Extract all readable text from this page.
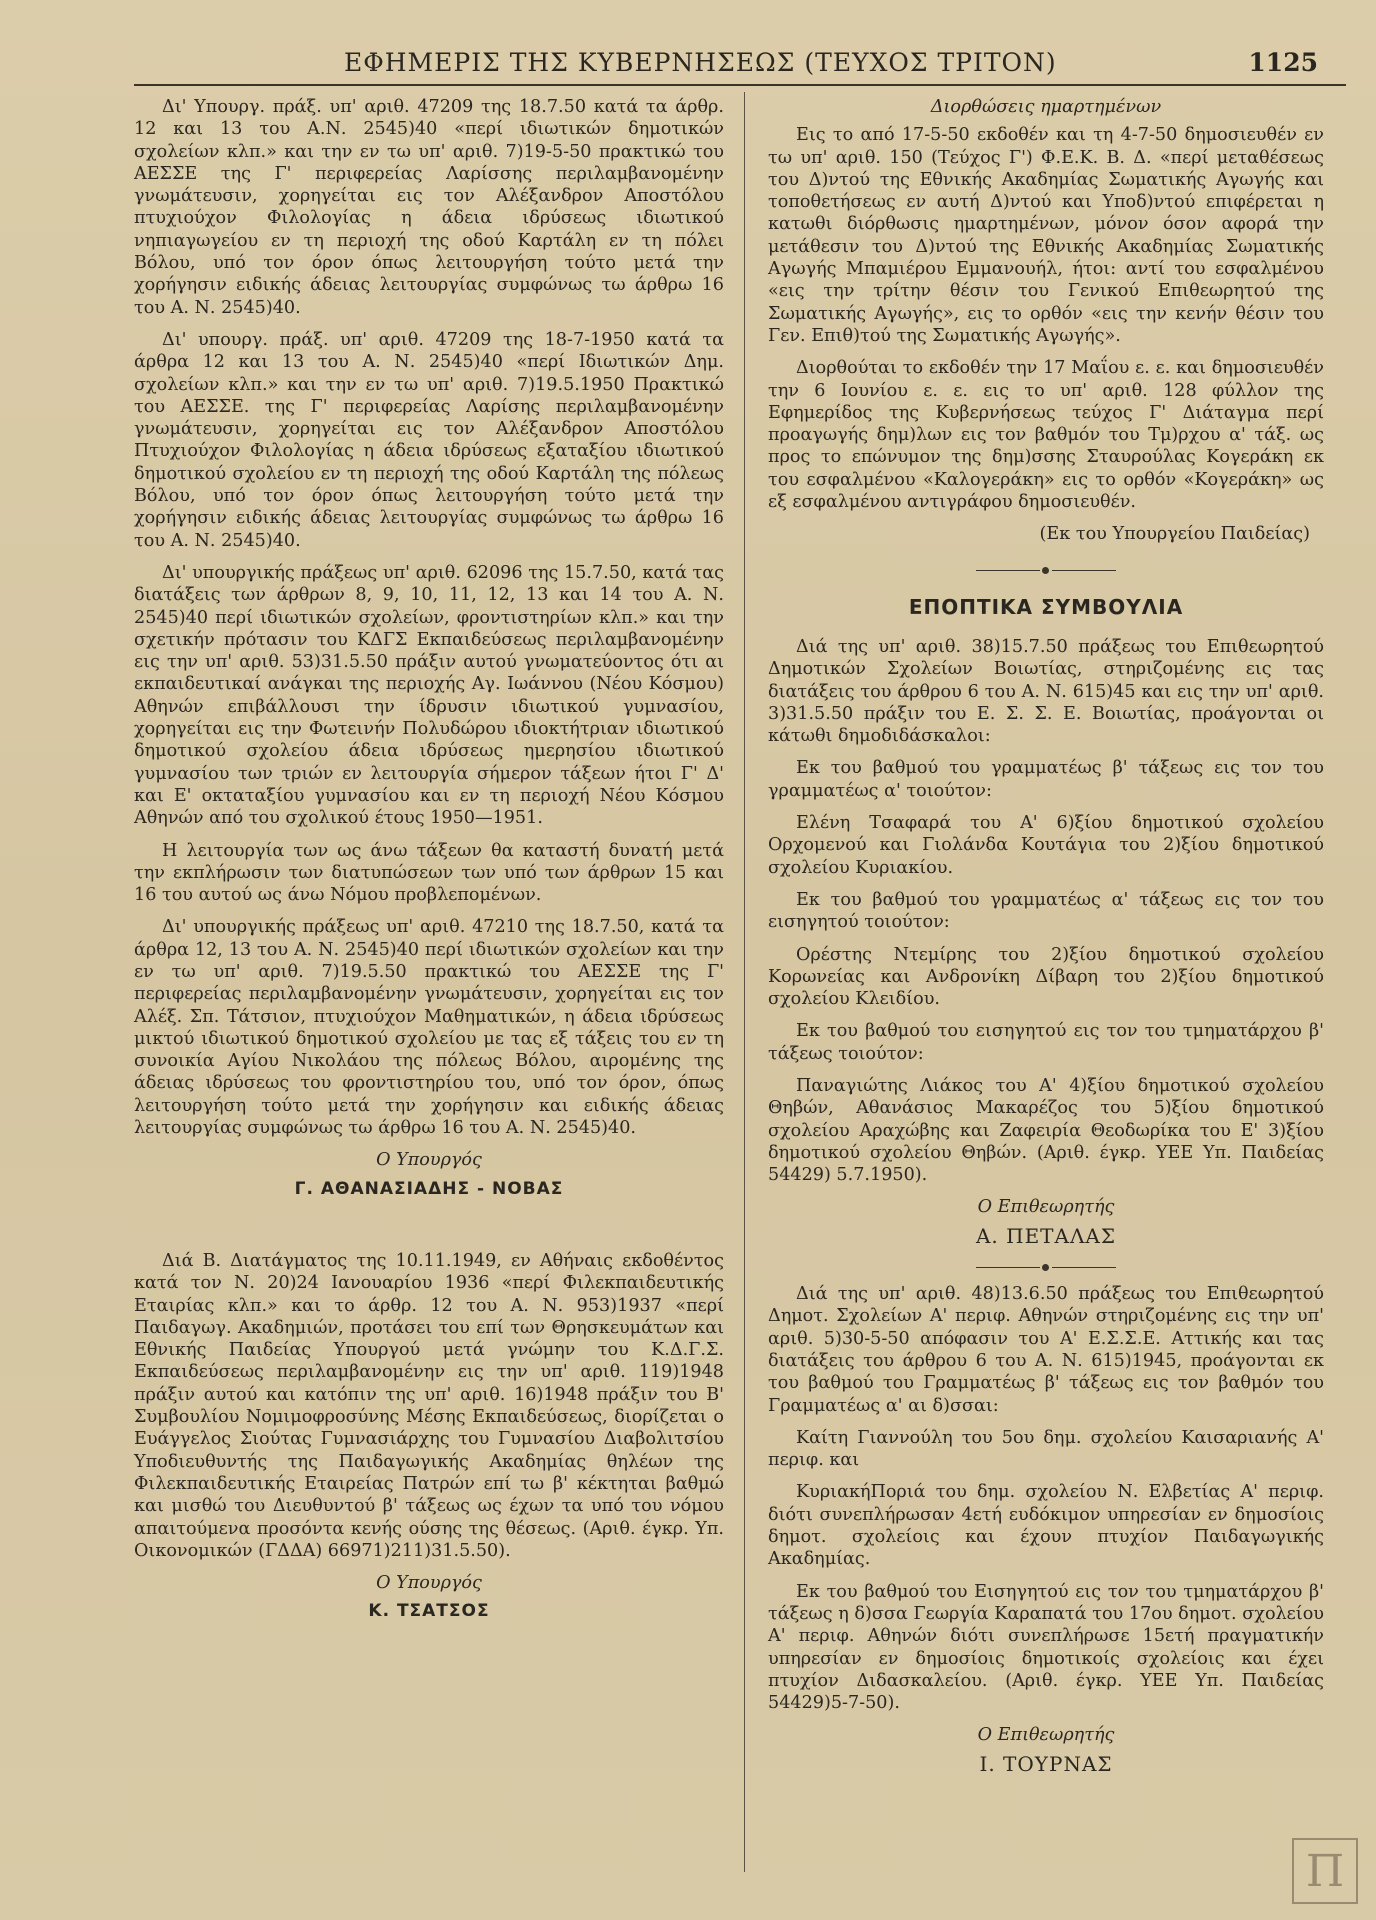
ΕΦΗΜΕΡΙΣ ΤΗΣ ΚΥΒΕΡΝΗΣΕΩΣ (ΤΕΥΧΟΣ ΤΡΙΤΟΝ)	1125

Δι' Υπουργ. πράξ. υπ' αριθ. 47209 της 18.7.50 κατά τα άρθρ. 12 και 13 του Α.Ν. 2545)40 «περί ιδιωτικών δημοτικών σχολείων κλπ.» και την εν τω υπ' αριθ. 7)19-5-50 πρακτικώ του ΑΕΣΣΕ της Γ' περιφερείας Λαρίσσης περιλαμβανομένην γνωμάτευσιν, χορηγείται εις τον Αλέξανδρον Αποστόλου πτυχιούχον Φιλολογίας η άδεια ιδρύσεως ιδιωτικού νηπιαγωγείου εν τη περιοχή της οδού Καρτάλη εν τη πόλει Βόλου, υπό τον όρον όπως λειτουργήση τούτο μετά την χορήγησιν ειδικής άδειας λειτουργίας συμφώνως τω άρθρω 16 του Α. Ν. 2545)40.

Δι' υπουργ. πράξ. υπ' αριθ. 47209 της 18-7-1950 κατά τα άρθρα 12 και 13 του Α. Ν. 2545)40 «περί Ιδιωτικών Δημ. σχολείων κλπ.» και την εν τω υπ' αριθ. 7)19.5.1950 Πρακτικώ του ΑΕΣΣΕ. της Γ' περιφερείας Λαρίσης περιλαμβανομένην γνωμάτευσιν, χορηγείται εις τον Αλέξανδρον Αποστόλου Πτυχιούχον Φιλολογίας η άδεια ιδρύσεως εξαταξίου ιδιωτικού δημοτικού σχολείου εν τη περιοχή της οδού Καρτάλη της πόλεως Βόλου, υπό τον όρον όπως λειτουργήση τούτο μετά την χορήγησιν ειδικής άδειας λειτουργίας συμφώνως τω άρθρω 16 του Α. Ν. 2545)40.

Δι' υπουργικής πράξεως υπ' αριθ. 62096 της 15.7.50, κατά τας διατάξεις των άρθρων 8, 9, 10, 11, 12, 13 και 14 του Α. Ν. 2545)40 περί ιδιωτικών σχολείων, φροντιστηρίων κλπ.» και την σχετικήν πρότασιν του ΚΔΓΣ Εκπαιδεύσεως περιλαμβανομένην εις την υπ' αριθ. 53)31.5.50 πράξιν αυτού γνωματεύοντος ότι αι εκπαιδευτικαί ανάγκαι της περιοχής Αγ. Ιωάννου (Νέου Κόσμου) Αθηνών επιβάλλουσι την ίδρυσιν ιδιωτικού γυμνασίου, χορηγείται εις την Φωτεινήν Πολυδώρου ιδιοκτήτριαν ιδιωτικού δημοτικού σχολείου άδεια ιδρύσεως ημερησίου ιδιωτικού γυμνασίου των τριών εν λειτουργία σήμερον τάξεων ήτοι Γ' Δ' και Ε' οκταταξίου γυμνασίου και εν τη περιοχή Νέου Κόσμου Αθηνών από του σχολικού έτους 1950—1951.

Η λειτουργία των ως άνω τάξεων θα καταστή δυνατή μετά την εκπλήρωσιν των διατυπώσεων των υπό των άρθρων 15 και 16 του αυτού ως άνω Νόμου προβλεπομένων.

Δι' υπουργικής πράξεως υπ' αριθ. 47210 της 18.7.50, κατά τα άρθρα 12, 13 του Α. Ν. 2545)40 περί ιδιωτικών σχολείων και την εν τω υπ' αριθ. 7)19.5.50 πρακτικώ του ΑΕΣΣΕ της Γ' περιφερείας περιλαμβανομένην γνωμάτευσιν, χορηγείται εις τον Αλέξ. Σπ. Τάτσιον, πτυχιούχον Μαθηματικών, η άδεια ιδρύσεως μικτού ιδιωτικού δημοτικού σχολείου με τας εξ τάξεις του εν τη συνοικία Αγίου Νικολάου της πόλεως Βόλου, αιρομένης της άδειας ιδρύσεως του φροντιστηρίου του, υπό τον όρον, όπως λειτουργήση τούτο μετά την χορήγησιν και ειδικής άδειας λειτουργίας συμφώνως τω άρθρω 16 του Α. Ν. 2545)40.

Ο Υπουργός
Γ. ΑΘΑΝΑΣΙΑΔΗΣ - ΝΟΒΑΣ

Διά Β. Διατάγματος της 10.11.1949, εν Αθήναις εκδοθέντος κατά τον Ν. 20)24 Ιανουαρίου 1936 «περί Φιλεκπαιδευτικής Εταιρίας κλπ.» και το άρθρ. 12 του Α. Ν. 953)1937 «περί Παιδαγωγ. Ακαδημιών, προτάσει του επί των Θρησκευμάτων και Εθνικής Παιδείας Υπουργού μετά γνώμην του Κ.Δ.Γ.Σ. Εκπαιδεύσεως περιλαμβανομένην εις την υπ' αριθ. 119)1948 πράξιν αυτού και κατόπιν της υπ' αριθ. 16)1948 πράξιν του Β' Συμβουλίου Νομιμοφροσύνης Μέσης Εκπαιδεύσεως, διορίζεται ο Ευάγγελος Σιούτας Γυμνασιάρχης του Γυμνασίου Διαβολιτσίου Υποδιευθυντής της Παιδαγωγικής Ακαδημίας θηλέων της Φιλεκπαιδευτικής Εταιρείας Πατρών επί τω β' κέκτηται βαθμώ και μισθώ του Διευθυντού β' τάξεως ως έχων τα υπό του νόμου απαιτούμενα προσόντα κενής ούσης της θέσεως. (Αριθ. έγκρ. Υπ. Οικονομικών (ΓΔΔΑ) 66971)211)31.5.50).

Ο Υπουργός
Κ. ΤΣΑΤΣΟΣ
Διορθώσεις ημαρτημένων

Εις το από 17-5-50 εκδοθέν και τη 4-7-50 δημοσιευθέν εν τω υπ' αριθ. 150 (Τεύχος Γ') Φ.Ε.Κ. Β. Δ. «περί μεταθέσεως του Δ)ντού της Εθνικής Ακαδημίας Σωματικής Αγωγής και τοποθετήσεως εν αυτή Δ)ντού και Υποδ)ντού επιφέρεται η κατωθι διόρθωσις ημαρτημένων, μόνον όσον αφορά την μετάθεσιν του Δ)ντού της Εθνικής Ακαδημίας Σωματικής Αγωγής Μπαμιέρου Εμμανουήλ, ήτοι: αντί του εσφαλμένου «εις την τρίτην θέσιν του Γενικού Επιθεωρητού της Σωματικής Αγωγής», εις το ορθόν «εις την κενήν θέσιν του Γεν. Επιθ)τού της Σωματικής Αγωγής».

Διορθούται το εκδοθέν την 17 Μαΐου ε. ε. και δημοσιευθέν την 6 Ιουνίου ε. ε. εις το υπ' αριθ. 128 φύλλον της Εφημερίδος της Κυβερνήσεως τεύχος Γ' Διάταγμα περί προαγωγής δημ)λων εις τον βαθμόν του Τμ)ρχου α' τάξ. ως προς το επώνυμον της δημ)σσης Σταυρούλας Κογεράκη εκ του εσφαλμένου «Καλογεράκη» εις το ορθόν «Κογεράκη» ως εξ εσφαλμένου αντιγράφου δημοσιευθέν.

(Εκ του Υπουργείου Παιδείας)
ΕΠΟΠΤΙΚΑ ΣΥΜΒΟΥΛΙΑ

Διά της υπ' αριθ. 38)15.7.50 πράξεως του Επιθεωρητού Δημοτικών Σχολείων Βοιωτίας, στηριζομένης εις τας διατάξεις του άρθρου 6 του Α. Ν. 615)45 και εις την υπ' αριθ. 3)31.5.50 πράξιν του Ε. Σ. Σ. Ε. Βοιωτίας, προάγονται οι κάτωθι δημοδιδάσκαλοι:

Εκ του βαθμού του γραμματέως β' τάξεως εις τον του γραμματέως α' τοιούτον:

Ελένη Τσαφαρά του Α' 6)ξίου δημοτικού σχολείου Ορχομενού και Γιολάνδα Κουτάγια του 2)ξίου δημοτικού σχολείου Κυριακίου.

Εκ του βαθμού του γραμματέως α' τάξεως εις τον του εισηγητού τοιούτον:

Ορέστης Ντεμίρης του 2)ξίου δημοτικού σχολείου Κορωνείας και Ανδρονίκη Δίβαρη του 2)ξίου δημοτικού σχολείου Κλειδίου.

Εκ του βαθμού του εισηγητού εις τον του τμηματάρχου β' τάξεως τοιούτον:

Παναγιώτης Λιάκος του Α' 4)ξίου δημοτικού σχολείου Θηβών, Αθανάσιος Μακαρέζος του 5)ξίου δημοτικού σχολείου Αραχώβης και Ζαφειρία Θεοδωρίκα του Ε' 3)ξίου δημοτικού σχολείου Θηβών. (Αριθ. έγκρ. ΥΕΕ Υπ. Παιδείας 54429) 5.7.1950).

Ο Επιθεωρητής
Α. ΠΕΤΑΛΑΣ

Διά της υπ' αριθ. 48)13.6.50 πράξεως του Επιθεωρητού Δημοτ. Σχολείων Α' περιφ. Αθηνών στηριζομένης εις την υπ' αριθ. 5)30-5-50 απόφασιν του Α' Ε.Σ.Σ.Ε. Αττικής και τας διατάξεις του άρθρου 6 του Α. Ν. 615)1945, προάγονται εκ του βαθμού του Γραμματέως β' τάξεως εις τον βαθμόν του Γραμματέως α' αι δ)σσαι:

Καίτη Γιαννούλη του 5ου δημ. σχολείου Καισαριανής Α' περιφ. και

ΚυριακήΠοριά του δημ. σχολείου Ν. Ελβετίας Α' περιφ. διότι συνεπλήρωσαν 4ετή ευδόκιμον υπηρεσίαν εν δημοσίοις δημοτ. σχολείοις και έχουν πτυχίον Παιδαγωγικής Ακαδημίας.

Εκ του βαθμού του Εισηγητού εις τον του τμηματάρχου β' τάξεως η δ)σσα Γεωργία Καραπατά του 17ου δημοτ. σχολείου Α' περιφ. Αθηνών διότι συνεπλήρωσε 15ετή πραγματικήν υπηρεσίαν εν δημοσίοις δημοτικοίς σχολείοις και έχει πτυχίον Διδασκαλείου. (Αριθ. έγκρ. ΥΕΕ Υπ. Παιδείας 54429)5-7-50).

Ο Επιθεωρητής
Ι. ΤΟΥΡΝΑΣ
Π
